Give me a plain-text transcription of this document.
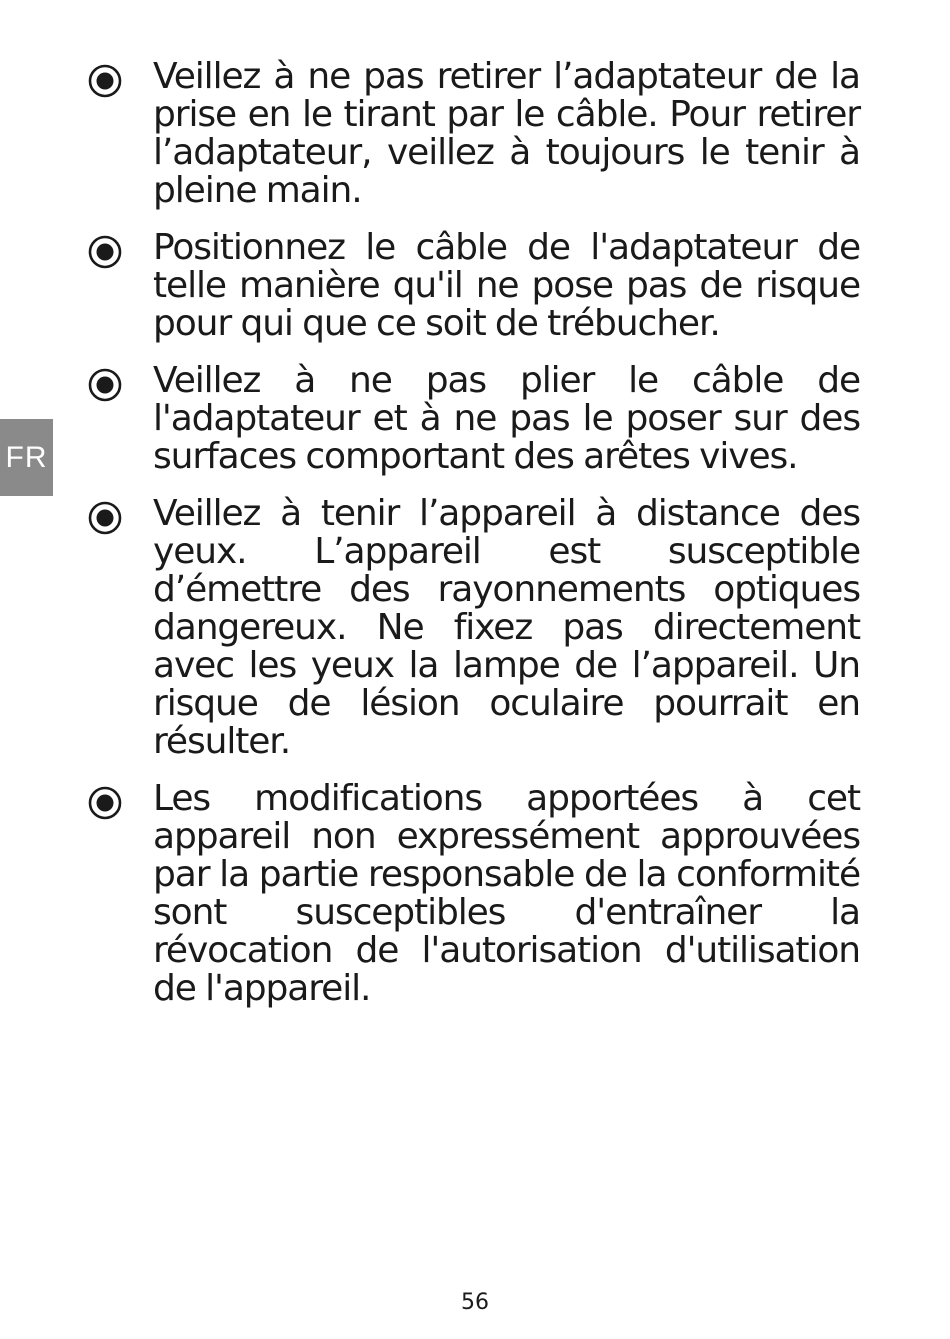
FR
Veillez à ne pas retirer l’adaptateur de la prise en le tirant par le câble. Pour retirer l’adaptateur, veillez à toujours le tenir à pleine main.
Positionnez le câble de l'adaptateur de telle manière qu'il ne pose pas de risque pour qui que ce soit de trébucher.
Veillez à ne pas plier le câble de l'adaptateur et à ne pas le poser sur des surfaces comportant des arêtes vives.
Veillez à tenir l’appareil à distance des yeux. L’appareil est susceptible d’émettre des rayonnements optiques dangereux. Ne fixez pas directement avec les yeux la lampe de l’appareil. Un risque de lésion oculaire pourrait en résulter.
Les modifications apportées à cet appareil non expressément approuvées par la partie responsable de la conformité sont susceptibles d'entraîner la révocation de l'autorisation d'utilisation de l'appareil.
56
